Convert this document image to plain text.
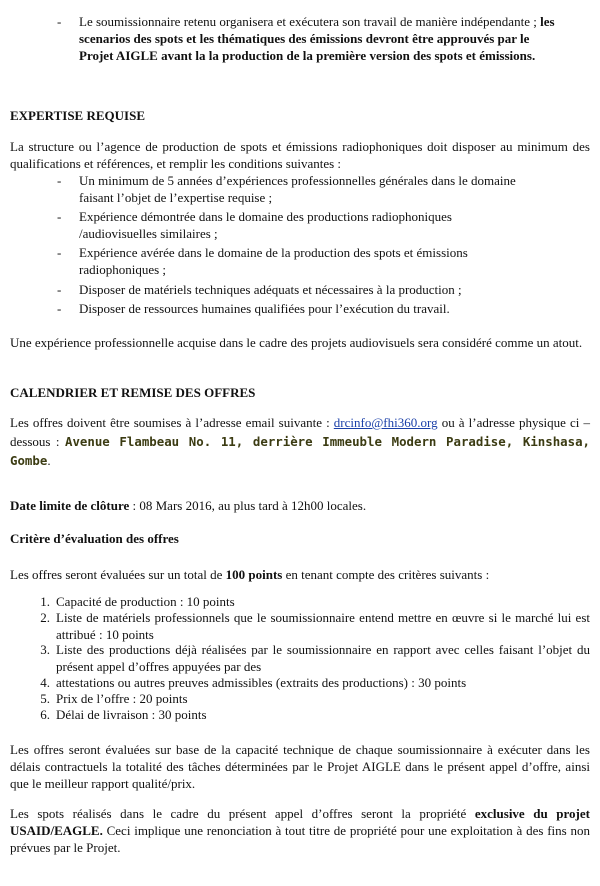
-	Le soumissionnaire retenu organisera et exécutera son travail de manière indépendante ; les scenarios des spots et les thématiques des émissions devront être approuvés par le Projet AIGLE avant la la production de la première version des spots et émissions.
EXPERTISE REQUISE
La structure ou l’agence de production de spots et émissions radiophoniques doit disposer au minimum des qualifications et références, et remplir les conditions suivantes :
-	Un minimum de 5 années d’expériences professionnelles générales dans le domaine faisant l’objet de l’expertise requise ;
-	Expérience démontrée dans le domaine des productions radiophoniques /audiovisuelles similaires ;
-	Expérience avérée dans le domaine de la production des spots et émissions radiophoniques ;
-	Disposer de matériels techniques adéquats et nécessaires à la production ;
-	Disposer de ressources humaines qualifiées pour l’exécution du travail.
Une expérience professionnelle acquise dans le cadre des projets audiovisuels sera considéré comme un atout.
CALENDRIER ET REMISE DES OFFRES
Les offres doivent être soumises à l’adresse email suivante : drcinfo@fhi360.org ou à l’adresse physique ci –dessous : Avenue Flambeau No. 11, derrière Immeuble Modern Paradise, Kinshasa, Gombe.
Date limite de clôture : 08 Mars 2016, au plus tard à 12h00 locales.
Critère d’évaluation des offres
Les offres seront évaluées sur un total de 100 points en tenant compte des critères suivants :
1. Capacité de production : 10 points
2. Liste de matériels professionnels que le soumissionnaire entend mettre en œuvre si le marché lui est attribué : 10 points
3. Liste des productions déjà réalisées par le soumissionnaire en rapport avec celles faisant l’objet du présent appel d’offres appuyées par des
4. attestations ou autres preuves admissibles (extraits des productions) : 30 points
5. Prix de l’offre : 20 points
6. Délai de livraison : 30 points
Les offres seront évaluées sur base de la capacité technique de chaque soumissionnaire à exécuter dans les délais contractuels la totalité des tâches déterminées par le Projet AIGLE dans le présent appel d’offre, ainsi que le meilleur rapport qualité/prix.
Les spots réalisés dans le cadre du présent appel d’offres seront la propriété exclusive du projet USAID/EAGLE. Ceci implique une renonciation à tout titre de propriété pour une exploitation à des fins non prévues par le Projet.
